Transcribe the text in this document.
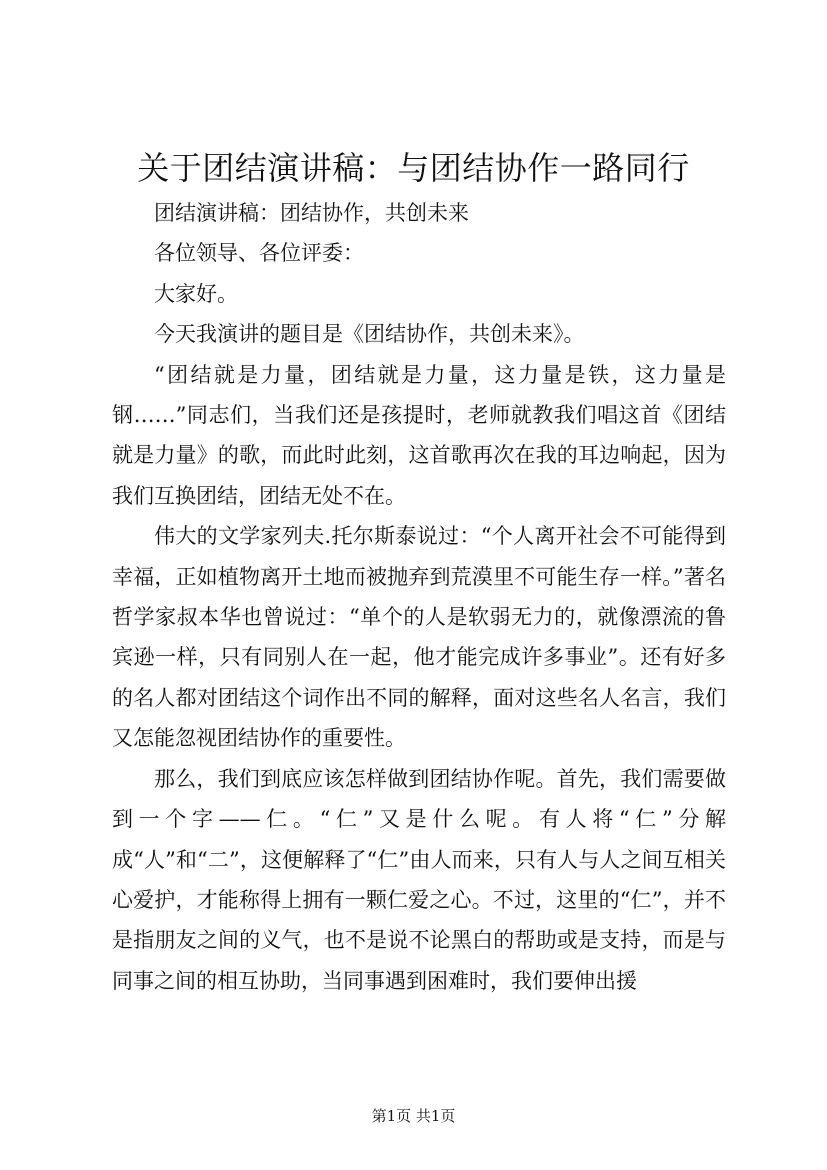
关于团结演讲稿：与团结协作一路同行

团结演讲稿：团结协作，共创未来

各位领导、各位评委：

大家好。

今天我演讲的题目是《团结协作，共创未来》。

“团结就是力量，团结就是力量，这力量是铁，这力量是钢……”同志们，当我们还是孩提时，老师就教我们唱这首《团结就是力量》的歌，而此时此刻，这首歌再次在我的耳边响起，因为我们互换团结，团结无处不在。

伟大的文学家列夫.托尔斯泰说过：“个人离开社会不可能得到幸福，正如植物离开土地而被抛弃到荒漠里不可能生存一样。”著名哲学家叔本华也曾说过：“单个的人是软弱无力的，就像漂流的鲁宾逊一样，只有同别人在一起，他才能完成许多事业”。还有好多的名人都对团结这个词作出不同的解释，面对这些名人名言，我们又怎能忽视团结协作的重要性。

那么，我们到底应该怎样做到团结协作呢。首先，我们需要做到一个字——仁。“仁”又是什么呢。有人将“仁”分解成“人”和“二”，这便解释了“仁”由人而来，只有人与人之间互相关心爱护，才能称得上拥有一颗仁爱之心。不过，这里的“仁”，并不是指朋友之间的义气，也不是说不论黑白的帮助或是支持，而是与同事之间的相互协助，当同事遇到困难时，我们要伸出援

第1页 共1页
